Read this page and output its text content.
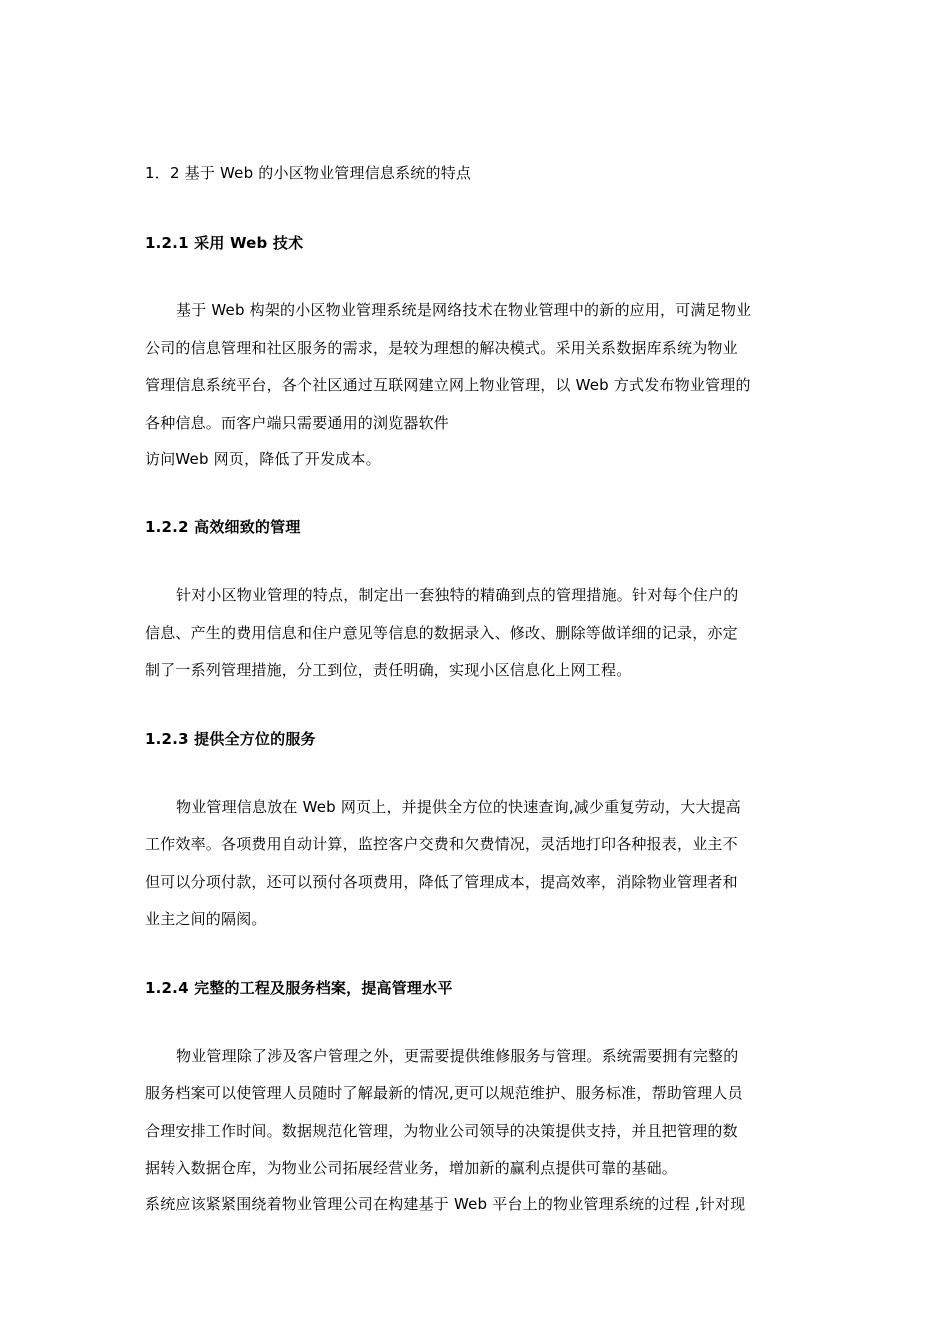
1．2 基于 Web 的小区物业管理信息系统的特点
1.2.1 采用 Web 技术
基于 Web 构架的小区物业管理系统是网络技术在物业管理中的新的应用，可满足物业
公司的信息管理和社区服务的需求，是较为理想的解决模式。采用关系数据库系统为物业
管理信息系统平台，各个社区通过互联网建立网上物业管理，以 Web 方式发布物业管理的
各种信息。而客户端只需要通用的浏览器软件
访问Web 网页，降低了开发成本。
1.2.2 高效细致的管理
针对小区物业管理的特点，制定出一套独特的精确到点的管理措施。针对每个住户的
信息、产生的费用信息和住户意见等信息的数据录入、修改、删除等做详细的记录，亦定
制了一系列管理措施，分工到位，责任明确，实现小区信息化上网工程。
1.2.3 提供全方位的服务
物业管理信息放在 Web 网页上，并提供全方位的快速查询,减少重复劳动，大大提高
工作效率。各项费用自动计算，监控客户交费和欠费情况，灵活地打印各种报表，业主不
但可以分项付款，还可以预付各项费用，降低了管理成本，提高效率，消除物业管理者和
业主之间的隔阂。
1.2.4 完整的工程及服务档案，提高管理水平
物业管理除了涉及客户管理之外，更需要提供维修服务与管理。系统需要拥有完整的
服务档案可以使管理人员随时了解最新的情况,更可以规范维护、服务标准，帮助管理人员
合理安排工作时间。数据规范化管理，为物业公司领导的决策提供支持，并且把管理的数
据转入数据仓库，为物业公司拓展经营业务，增加新的赢利点提供可靠的基础。
系统应该紧紧围绕着物业管理公司在构建基于 Web 平台上的物业管理系统的过程 ,针对现
